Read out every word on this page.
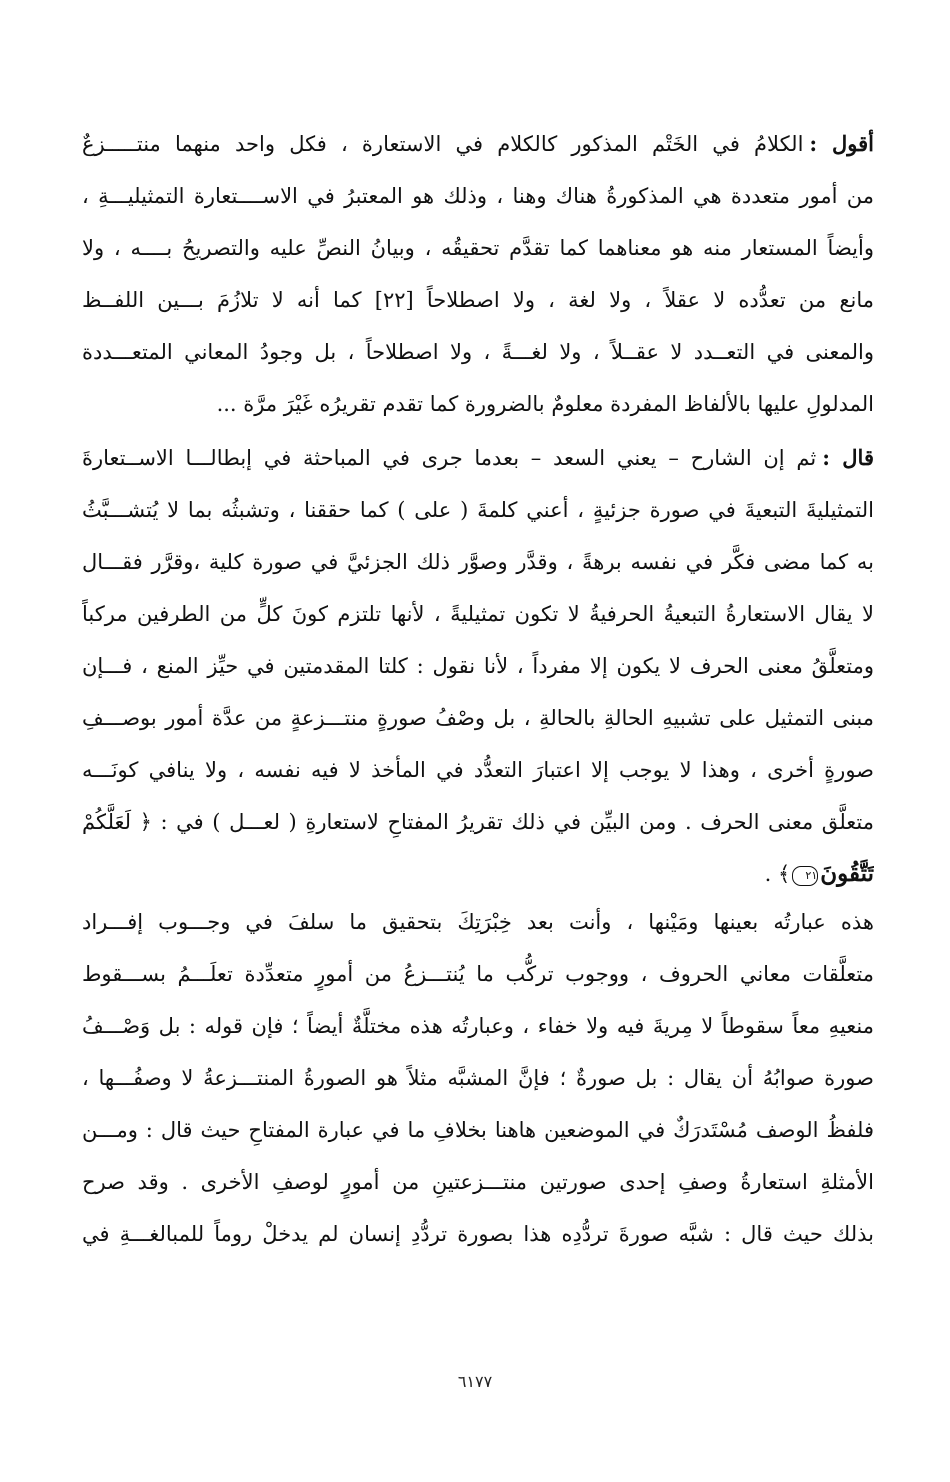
أقول :الكلامُ في الخَتْم المذكور كالكلام في الاستعارة ، فكل واحد منهما منتـــــزعٌ
من أمور متعددة هي المذكورةُ هناك وهنا ، وذلك هو المعتبرُ في الاســــتعارة التمثيليـــةِ ،
وأيضاً المستعار منه هو معناهما كما تقدَّم تحقيقُه ، وبيانُ النصِّ عليه والتصريحُ بــــه ، ولا
مانع من تعدُّده لا عقلاً ، ولا لغة ، ولا اصطلاحاً [٢٢] كما أنه لا تلازُمَ بـــين اللفــظ
والمعنى في التعــدد لا عقــلاً ، ولا لغـــةً ، ولا اصطلاحاً ، بل وجودُ المعاني المتعـــددة
المدلولِ عليها بالألفاظ المفردة معلومٌ بالضرورة كما تقدم تقريرُه غَيْرَ مرَّة ...
قال :ثم إن الشارح – يعني السعد – بعدما جرى في المباحثة في إبطالـــا الاســتعارةَ
التمثيليةَ التبعيةَ في صورة جزئيةٍ ، أعني كلمةَ ( على ) كما حققنا ، وتشبثُه بما لا يُتشـــبَّثُ
به كما مضى فكَّر في نفسه برهةً ، وقدَّر وصوَّر ذلك الجزئيَّ في صورة كلية ،وقرَّر فقـــال
لا يقال الاستعارةُ التبعيةُ الحرفيةُ لا تكون تمثيليةً ، لأنها تلتزم كونَ كلٍّ من الطرفين مركباً
ومتعلَّقُ معنى الحرف لا يكون إلا مفرداً ، لأنا نقول : كلتا المقدمتين في حيِّز المنع ، فـــإن
مبنى التمثيل على تشبيهِ الحالةِ بالحالةِ ، بل وصْفُ صورةٍ منتـــزعةٍ من عدَّة أمور بوصـــفِ
صورةٍ أخرى ، وهذا لا يوجب إلا اعتبارَ التعدُّد في المأخذ لا فيه نفسه ، ولا ينافي كونَـــه
متعلَّق معنى الحرف . ومن البيِّن في ذلك تقريرُ المفتاحِ لاستعارةِ ( لعـــل ) في : ﴿ لَعَلَّكُمْ
تَتَّقُونَ٢١﴾ .
هذه عبارتُه بعينها ومَيْنها ، وأنت بعد خِبْرَتِكَ بتحقيق ما سلفَ في وجـــوب إفـــراد
متعلَّقات معاني الحروف ، ووجوب تركُّب ما يُنتـــزعُ من أمورٍ متعدِّدة تعلَـــمُ بســـقوط
منعيهِ معاً سقوطاً لا مِريةَ فيه ولا خفاء ، وعبارتُه هذه مختلَّةٌ أيضاً ؛ فإن قوله : بل وَصْـــفُ
صورة صوابُهُ أن يقال : بل صورةٌ ؛ فإنَّ المشبَّه مثلاً هو الصورةُ المنتـــزعةُ لا وصفُـــها ،
فلفظُ الوصف مُسْتَدرَكٌ في الموضعين هاهنا بخلافِ ما في عبارة المفتاحِ حيث قال : ومـــن
الأمثلةِ استعارةُ وصفِ إحدى صورتين منتـــزعتينِ من أمورٍ لوصفِ الأخرى . وقد صرح
بذلك حيث قال : شبَّه صورةَ تردُّدِه هذا بصورة تردُّدِ إنسان لم يدخلْ روماً للمبالغـــةِ في
٦١٧٧
